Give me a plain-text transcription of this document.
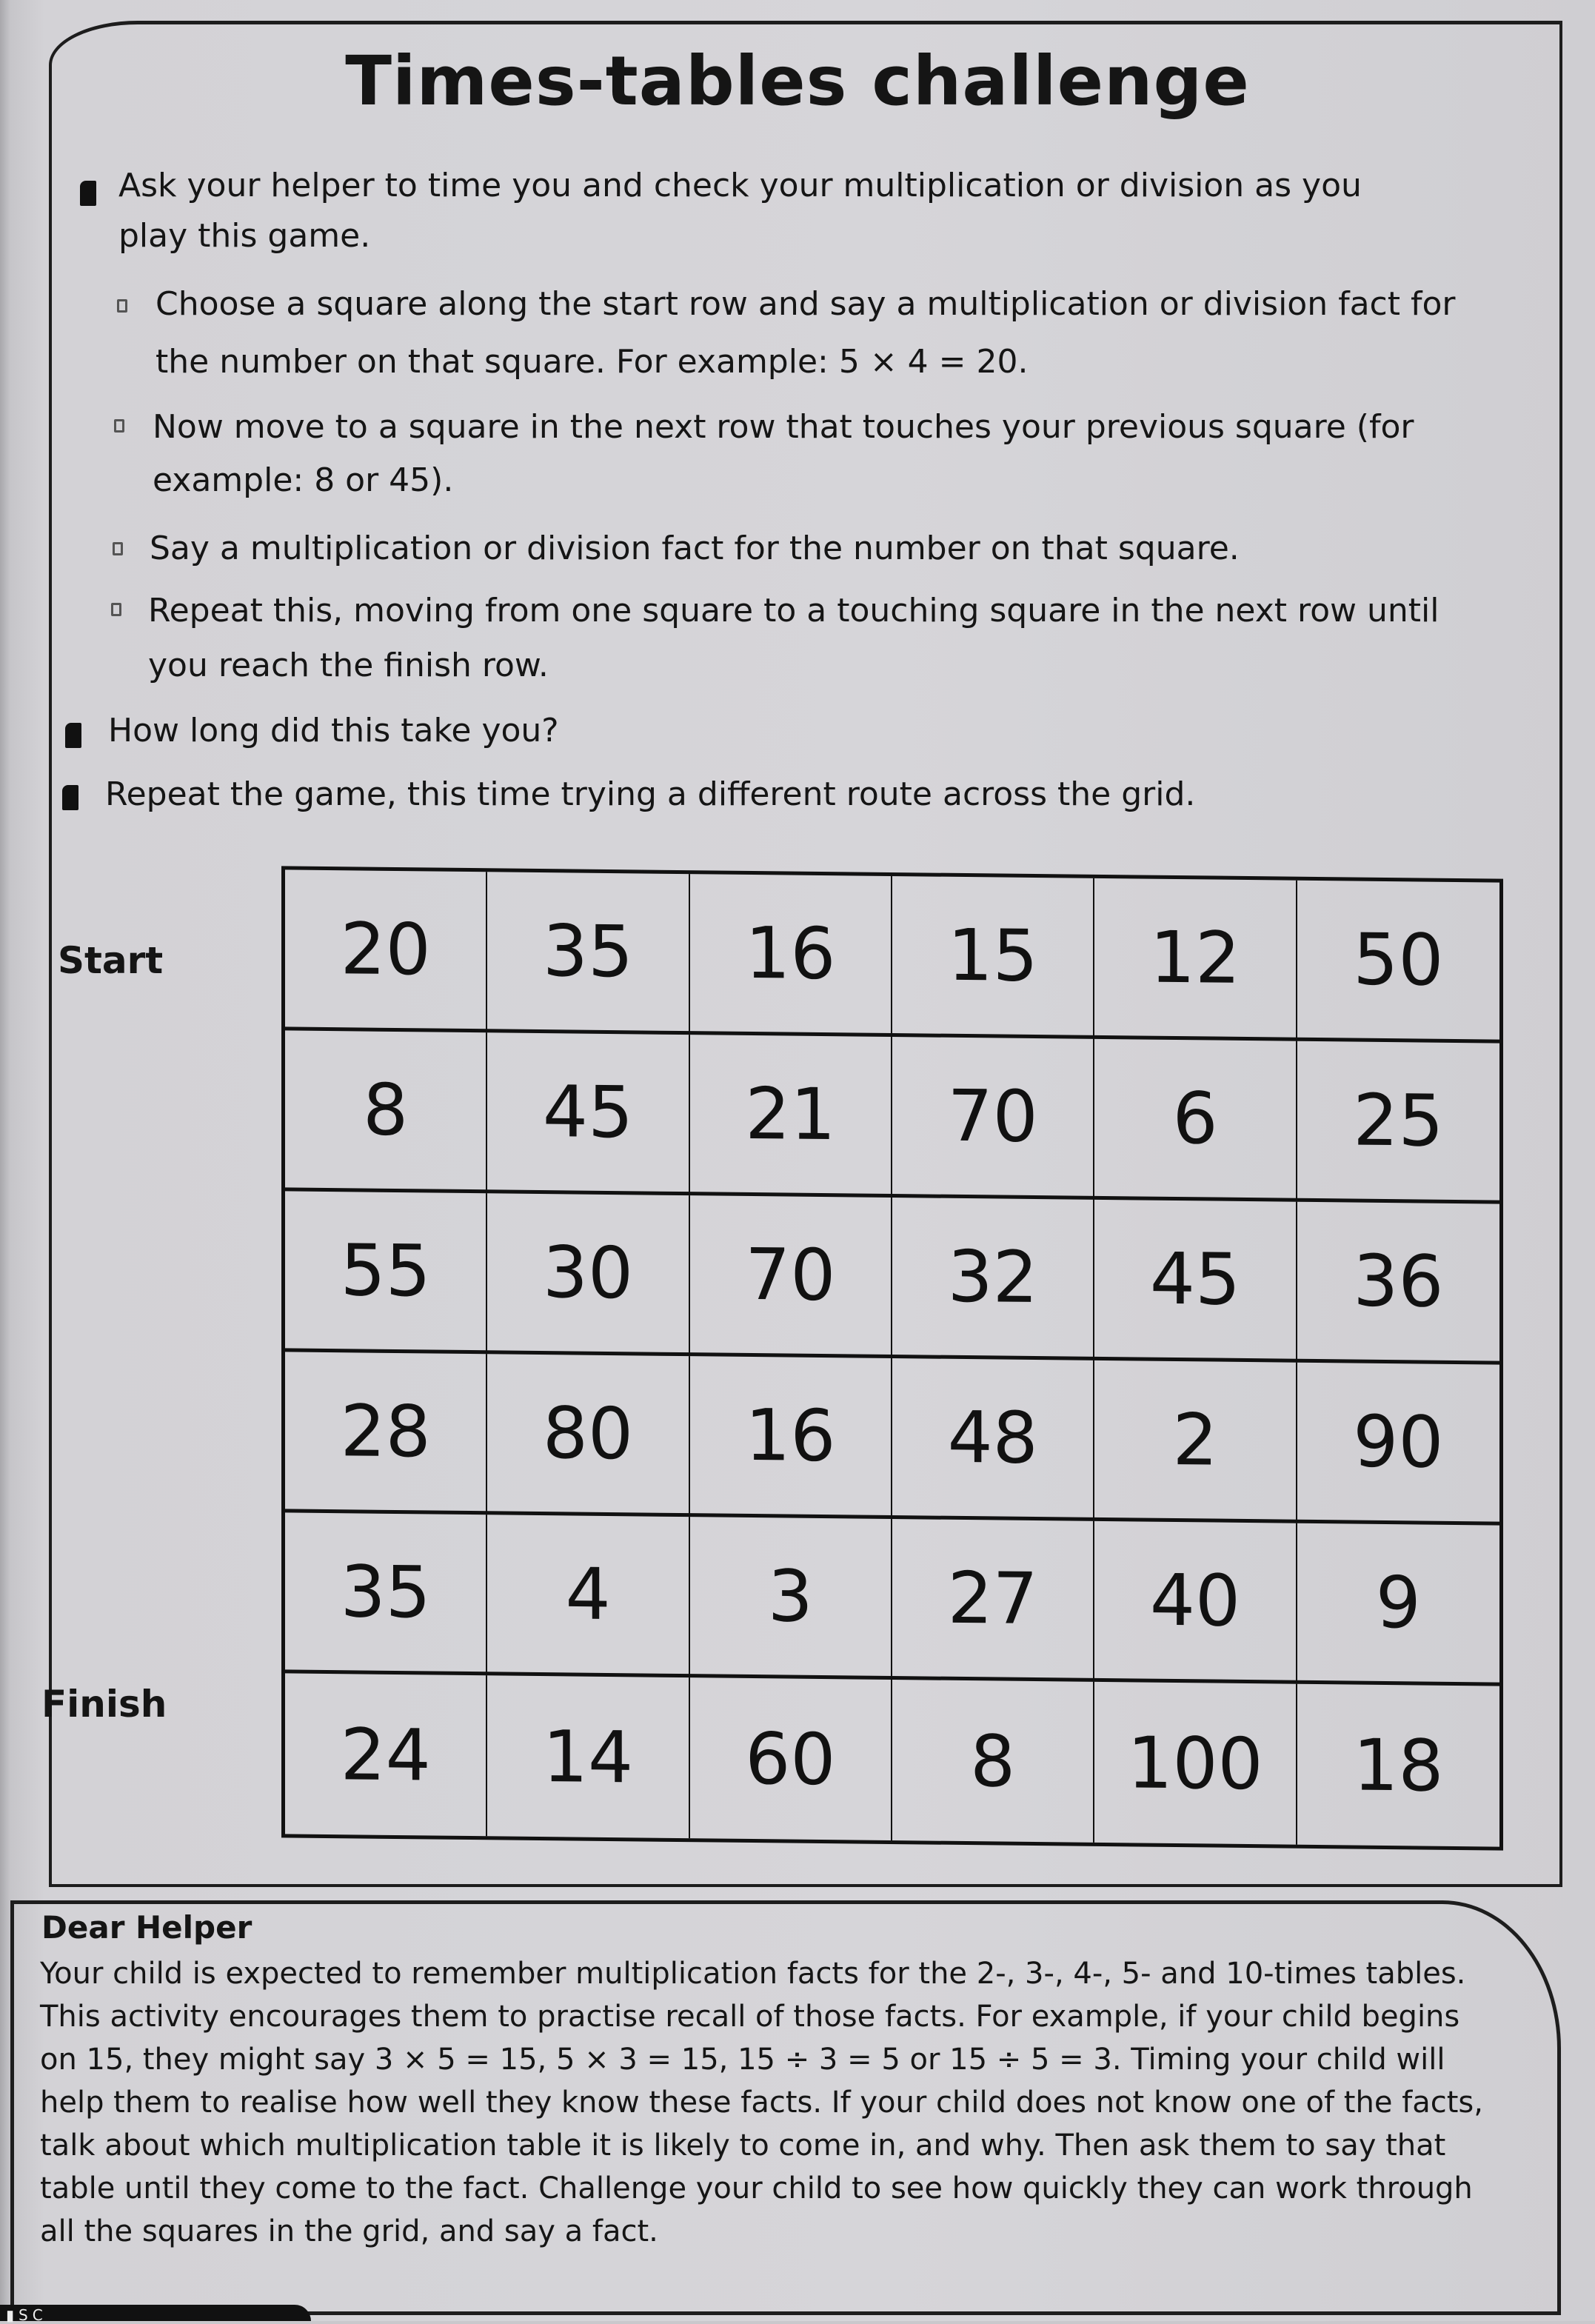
Times-tables challenge
Ask your helper to time you and check your multiplication or division as you
play this game.
Choose a square along the start row and say a multiplication or division fact for
the number on that square. For example: 5 × 4 = 20.
Now move to a square in the next row that touches your previous square (for
example: 8 or 45).
Say a multiplication or division fact for the number on that square.
Repeat this, moving from one square to a touching square in the next row until
you reach the finish row.
How long did this take you?
Repeat the game, this time trying a different route across the grid.
Start
Finish
20	35	16	15	12	50
8	45	21	70	6	25
55	30	70	32	45	36
28	80	16	48	2	90
35	4	3	27	40	9
24	14	60	8	100	18
Dear Helper
Your child is expected to remember multiplication facts for the 2-, 3-, 4-, 5- and 10-times tables. This activity encourages them to practise recall of those facts. For example, if your child begins on 15, they might say 3 × 5 = 15, 5 × 3 = 15, 15 ÷ 3 = 5 or 15 ÷ 5 = 3. Timing your child will help them to realise how well they know these facts. If your child does not know one of the facts, talk about which multiplication table it is likely to come in, and why. Then ask them to say that table until they come to the fact. Challenge your child to see how quickly they can work through all the squares in the grid, and say a fact.
▮SC
